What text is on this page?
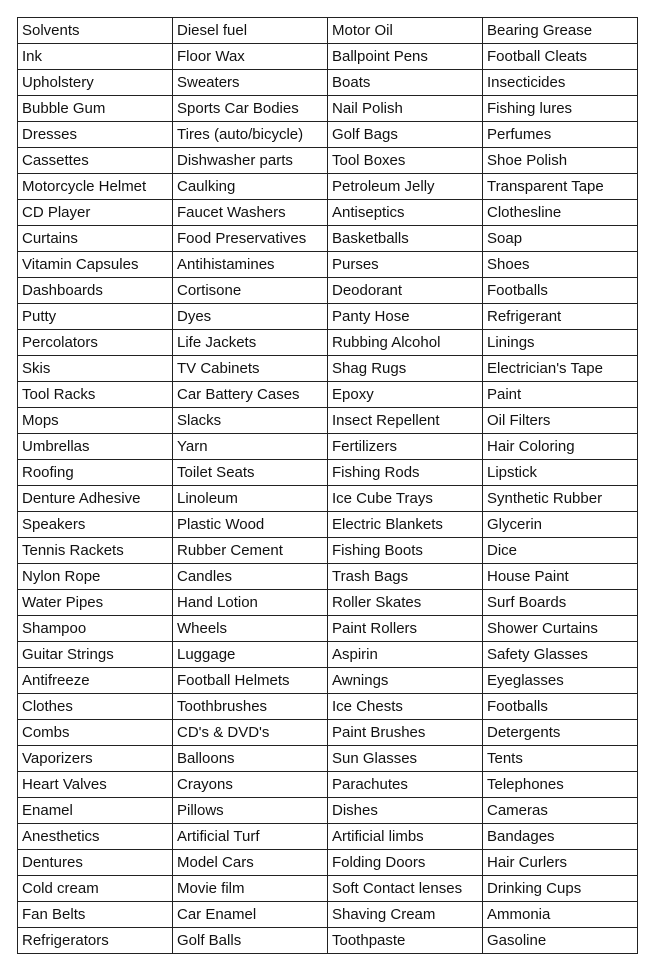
Solvents	Diesel fuel	Motor Oil	Bearing Grease
Ink	Floor Wax	Ballpoint Pens	Football Cleats
Upholstery	Sweaters	Boats	Insecticides
Bubble Gum	Sports Car Bodies	Nail Polish	Fishing lures
Dresses	Tires (auto/bicycle)	Golf Bags	Perfumes
Cassettes	Dishwasher parts	Tool Boxes	Shoe Polish
Motorcycle Helmet	Caulking	Petroleum Jelly	Transparent Tape
CD Player	Faucet Washers	Antiseptics	Clothesline
Curtains	Food Preservatives	Basketballs	Soap
Vitamin Capsules	Antihistamines	Purses	Shoes
Dashboards	Cortisone	Deodorant	Footballs
Putty	Dyes	Panty Hose	Refrigerant
Percolators	Life Jackets	Rubbing Alcohol	Linings
Skis	TV Cabinets	Shag Rugs	Electrician's Tape
Tool Racks	Car Battery Cases	Epoxy	Paint
Mops	Slacks	Insect Repellent	Oil Filters
Umbrellas	Yarn	Fertilizers	Hair Coloring
Roofing	Toilet Seats	Fishing Rods	Lipstick
Denture Adhesive	Linoleum	Ice Cube Trays	Synthetic Rubber
Speakers	Plastic Wood	Electric Blankets	Glycerin
Tennis Rackets	Rubber Cement	Fishing Boots	Dice
Nylon Rope	Candles	Trash Bags	House Paint
Water Pipes	Hand Lotion	Roller Skates	Surf Boards
Shampoo	Wheels	Paint Rollers	Shower Curtains
Guitar Strings	Luggage	Aspirin	Safety Glasses
Antifreeze	Football Helmets	Awnings	Eyeglasses
Clothes	Toothbrushes	Ice Chests	Footballs
Combs	CD's & DVD's	Paint Brushes	Detergents
Vaporizers	Balloons	Sun Glasses	Tents
Heart Valves	Crayons	Parachutes	Telephones
Enamel	Pillows	Dishes	Cameras
Anesthetics	Artificial Turf	Artificial limbs	Bandages
Dentures	Model Cars	Folding Doors	Hair Curlers
Cold cream	Movie film	Soft Contact lenses	Drinking Cups
Fan Belts	Car Enamel	Shaving Cream	Ammonia
Refrigerators	Golf Balls	Toothpaste	Gasoline
